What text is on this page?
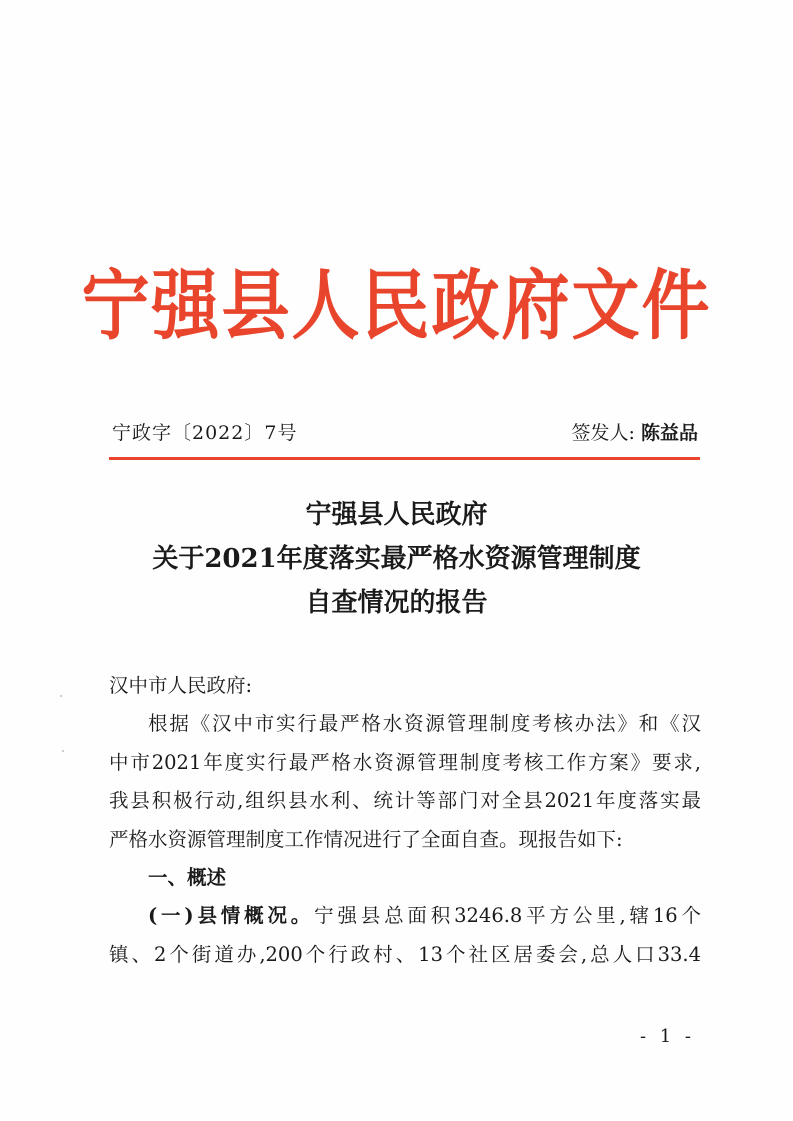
宁强县人民政府文件
宁政字〔2022〕7号	签发人: 陈益品
宁强县人民政府
关于2021年度落实最严格水资源管理制度
自查情况的报告
汉中市人民政府:
根据《汉中市实行最严格水资源管理制度考核办法》和《汉
中市2021年度实行最严格水资源管理制度考核工作方案》要求,
我县积极行动,组织县水利、统计等部门对全县2021年度落实最
严格水资源管理制度工作情况进行了全面自查。现报告如下:
一、概述
(一)县情概况。宁强县总面积3246.8平方公里,辖16个
镇、2个街道办,200个行政村、13个社区居委会,总人口33.4
- 1 -
